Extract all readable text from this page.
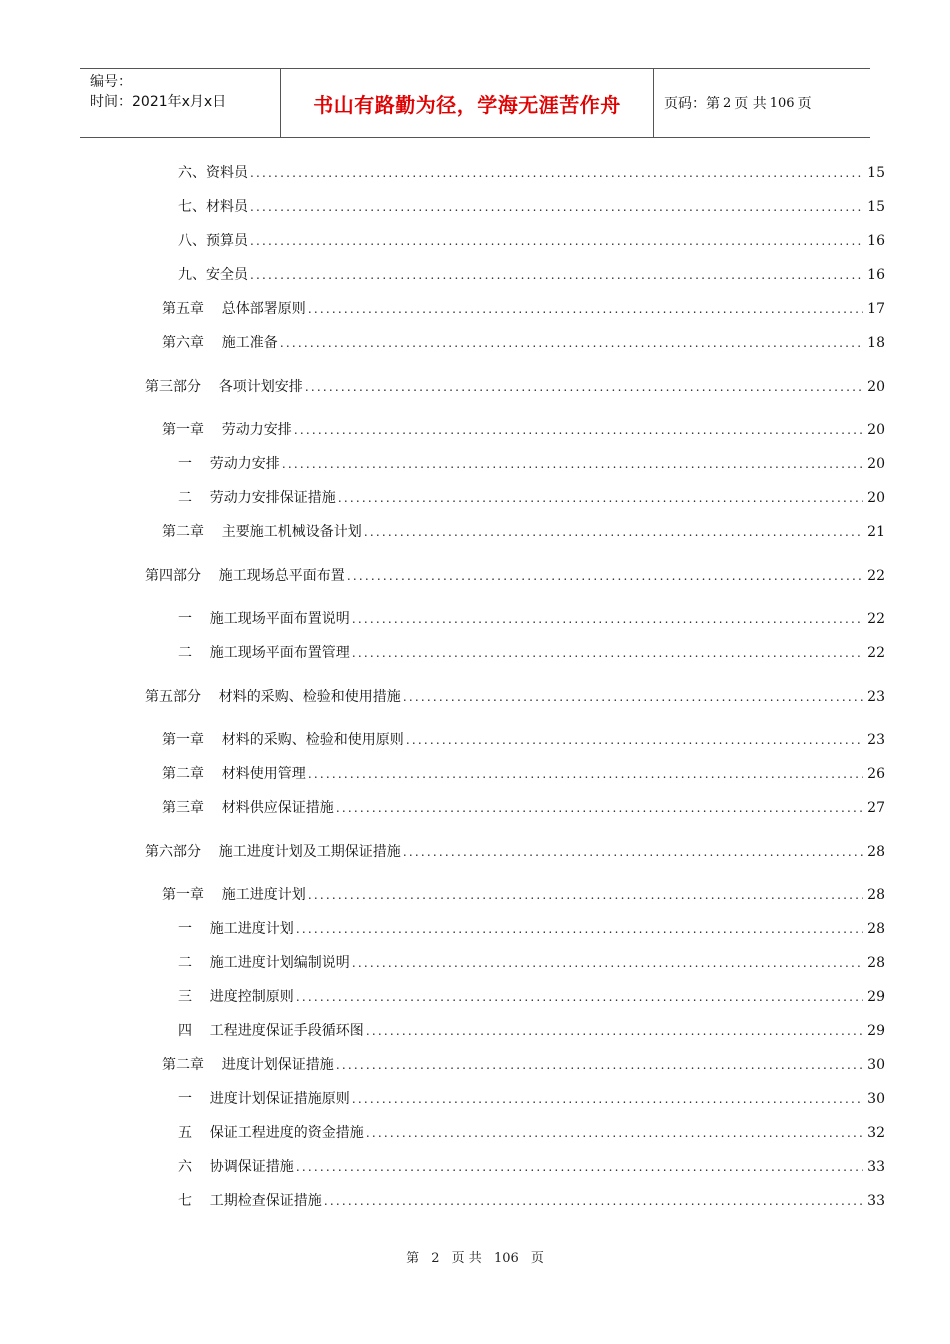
编号：
时间：2021年x月x日	书山有路勤为径，学海无涯苦作舟	页码：第 2 页 共 106 页
六、资料员 .....	15
七、材料员 .....	15
八、预算员 .....	16
九、安全员 .....	16
第五章    总体部署原则 .....	17
第六章    施工准备 .....	18
第三部分    各项计划安排 .....	20
第一章    劳动力安排 .....	20
一    劳动力安排 .....	20
二    劳动力安排保证措施 .....	20
第二章    主要施工机械设备计划 .....	21
第四部分    施工现场总平面布置 .....	22
一    施工现场平面布置说明 .....	22
二    施工现场平面布置管理 .....	22
第五部分    材料的采购、检验和使用措施 .....	23
第一章    材料的采购、检验和使用原则 .....	23
第二章    材料使用管理 .....	26
第三章    材料供应保证措施 .....	27
第六部分    施工进度计划及工期保证措施 .....	28
第一章    施工进度计划 .....	28
一    施工进度计划 .....	28
二    施工进度计划编制说明 .....	28
三    进度控制原则 .....	29
四    工程进度保证手段循环图 .....	29
第二章    进度计划保证措施 .....	30
一    进度计划保证措施原则 .....	30
五    保证工程进度的资金措施 .....	32
六    协调保证措施 .....	33
七    工期检查保证措施 .....	33
第 2 页 共 106 页
